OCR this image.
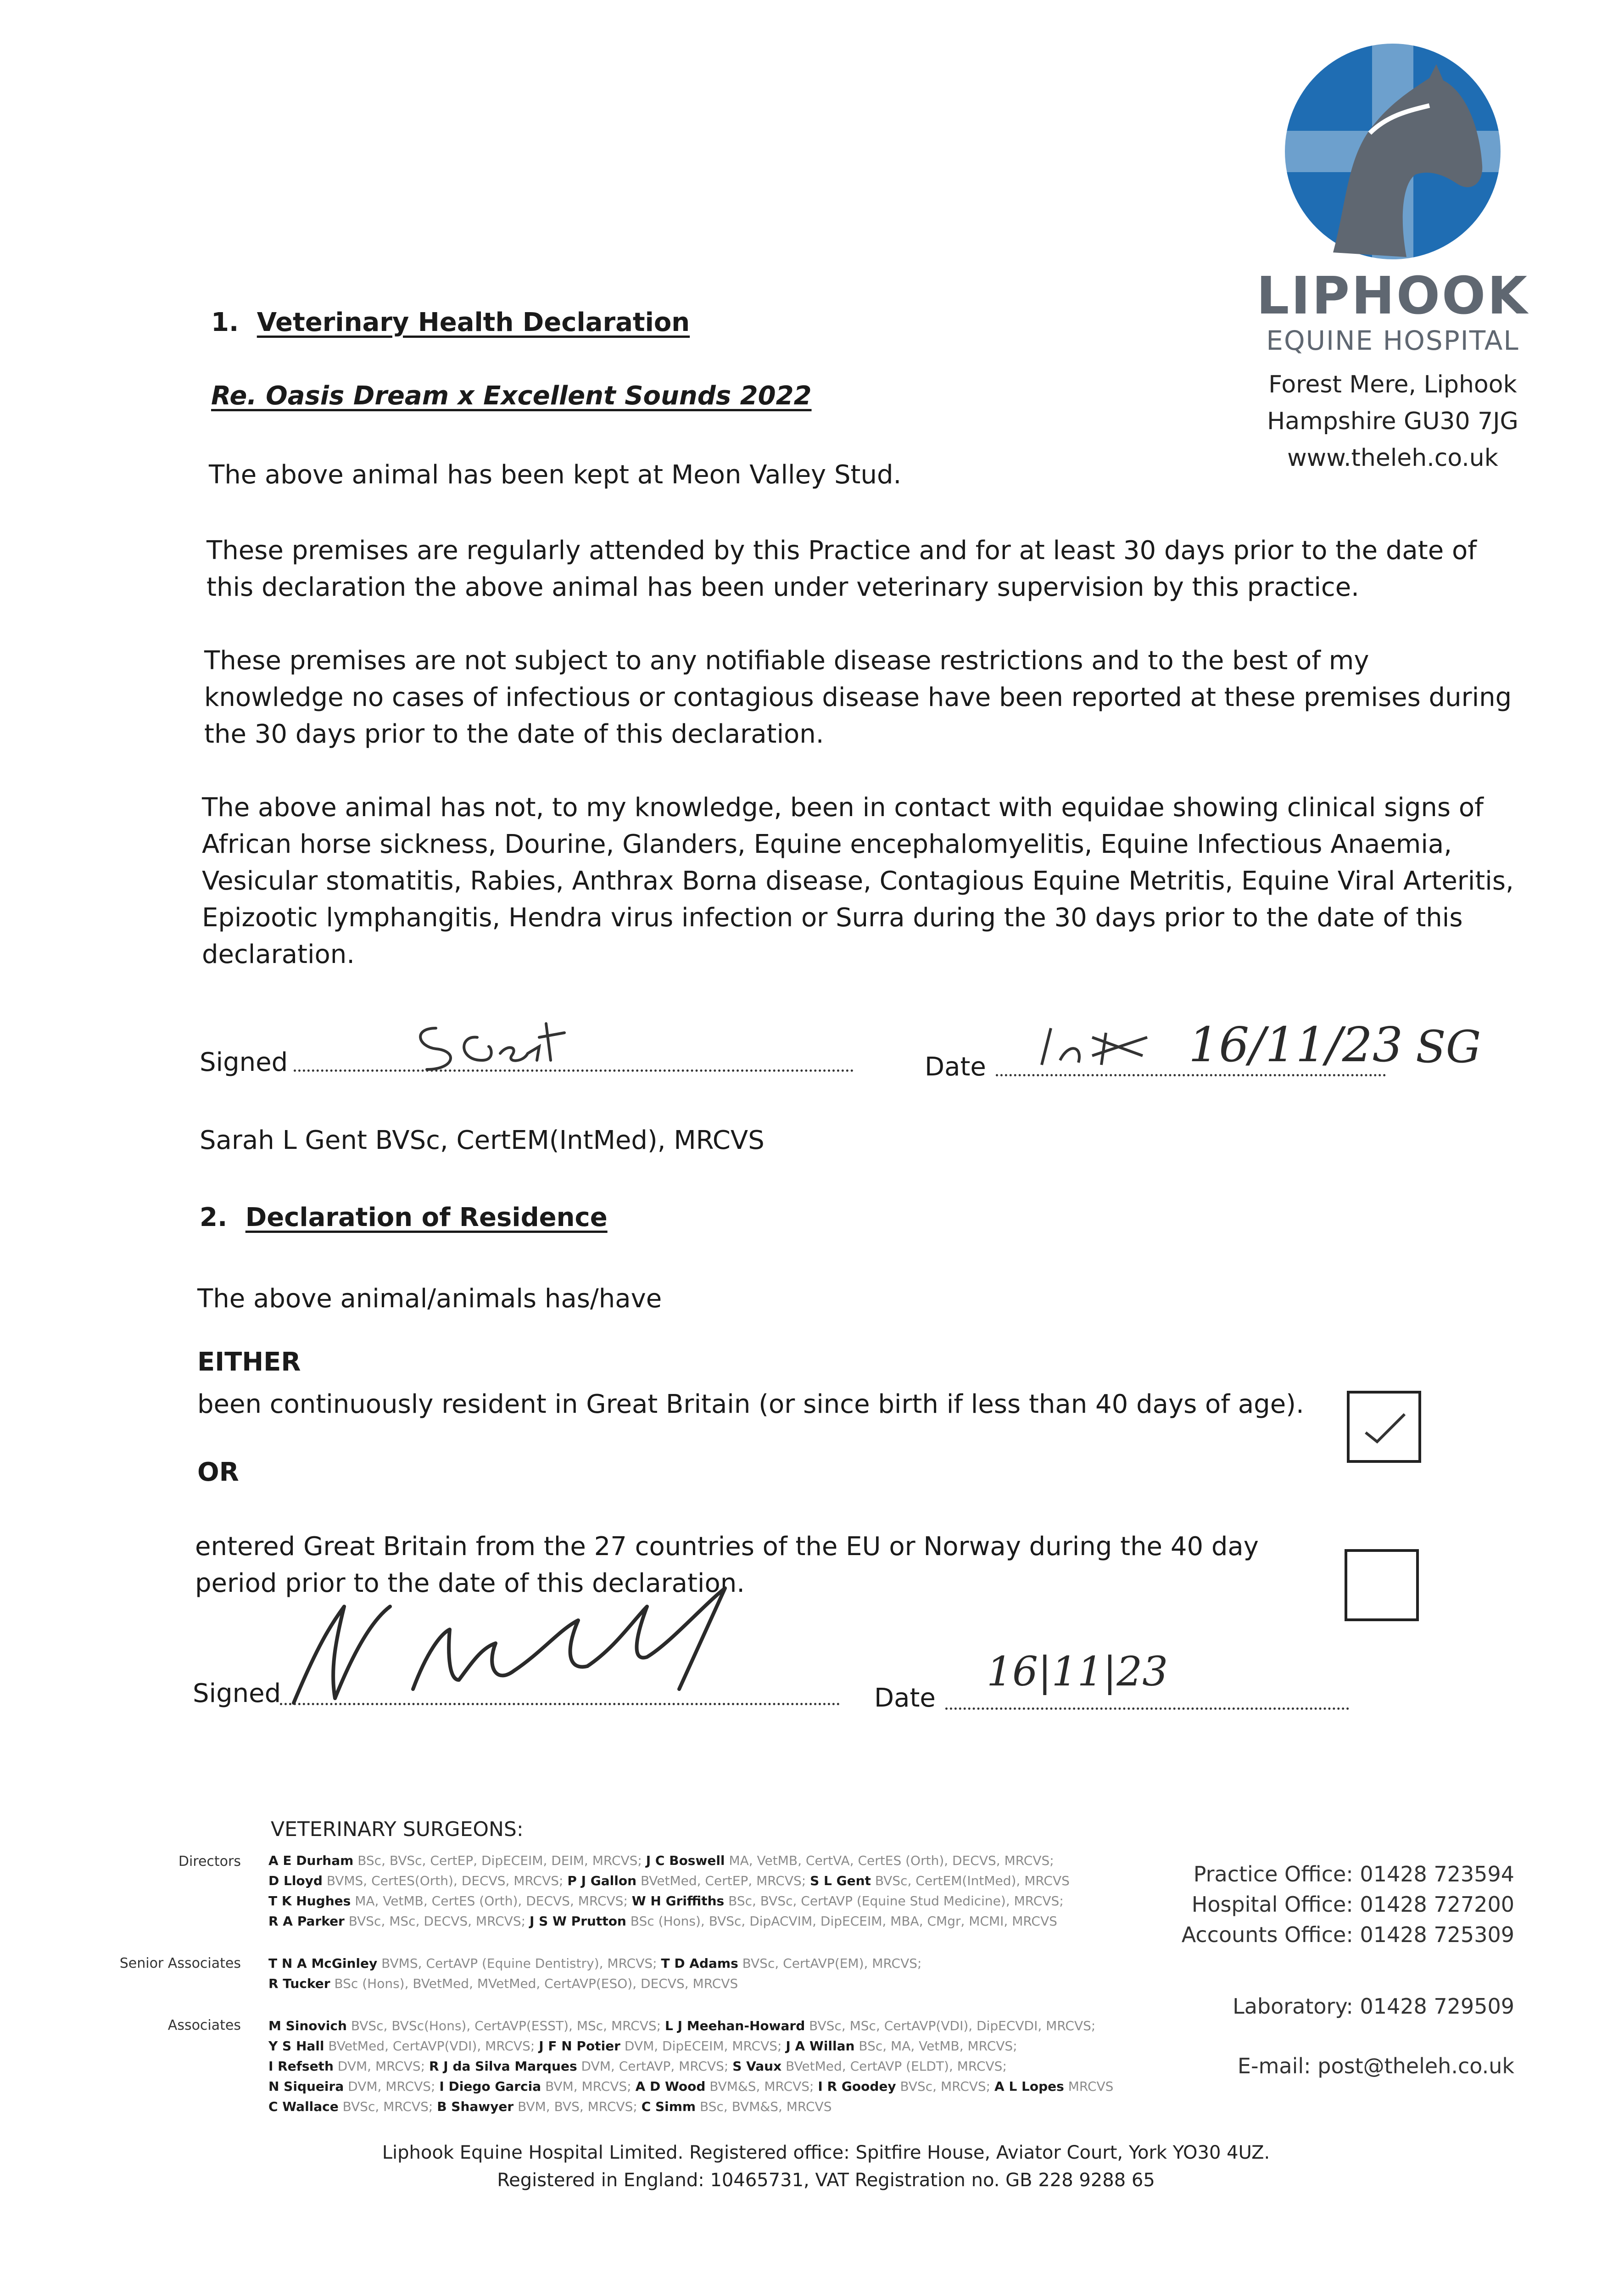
LIPHOOK
EQUINE HOSPITAL
Forest Mere, Liphook
Hampshire GU30 7JG
www.theleh.co.uk
1. Veterinary Health Declaration
Re. Oasis Dream x Excellent Sounds 2022

The above animal has been kept at Meon Valley Stud.

These premises are regularly attended by this Practice and for at least 30 days prior to the date of this declaration the above animal has been under veterinary supervision by this practice.

These premises are not subject to any notifiable disease restrictions and to the best of my knowledge no cases of infectious or contagious disease have been reported at these premises during the 30 days prior to the date of this declaration.

The above animal has not, to my knowledge, been in contact with equidae showing clinical signs of African horse sickness, Dourine, Glanders, Equine encephalomyelitis, Equine Infectious Anaemia, Vesicular stomatitis, Rabies, Anthrax Borna disease, Contagious Equine Metritis, Equine Viral Arteritis, Epizootic lymphangitis, Hendra virus infection or Surra during the 30 days prior to the date of this declaration.

Signed	Date	16/11/23 SG
Sarah L Gent BVSc, CertEM(IntMed), MRCVS
2. Declaration of Residence
The above animal/animals has/have
EITHER
been continuously resident in Great Britain (or since birth if less than 40 days of age).
OR

entered Great Britain from the 27 countries of the EU or Norway during the 40 day period prior to the date of this declaration.

Signed	Date
16|11|23
VETERINARY SURGEONS:
Directors A E Durham BSc, BVSc, CertEP, DipECEIM, DEIM, MRCVS; J C Boswell MA, VetMB, CertVA, CertES (Orth), DECVS, MRCVS;
D Lloyd BVMS, CertES(Orth), DECVS, MRCVS; P J Gallon BVetMed, CertEP, MRCVS; S L Gent BVSc, CertEM(IntMed), MRCVS
T K Hughes MA, VetMB, CertES (Orth), DECVS, MRCVS; W H Griffiths BSc, BVSc, CertAVP (Equine Stud Medicine), MRCVS;
R A Parker BVSc, MSc, DECVS, MRCVS; J S W Prutton BSc (Hons), BVSc, DipACVIM, DipECEIM, MBA, CMgr, MCMI, MRCVS
Senior Associates T N A McGinley BVMS, CertAVP (Equine Dentistry), MRCVS; T D Adams BVSc, CertAVP(EM), MRCVS;
R Tucker BSc (Hons), BVetMed, MVetMed, CertAVP(ESO), DECVS, MRCVS
Associates M Sinovich BVSc, BVSc(Hons), CertAVP(ESST), MSc, MRCVS; L J Meehan-Howard BVSc, MSc, CertAVP(VDI), DipECVDI, MRCVS;
Y S Hall BVetMed, CertAVP(VDI), MRCVS; J F N Potier DVM, DipECEIM, MRCVS; J A Willan BSc, MA, VetMB, MRCVS;
I Refseth DVM, MRCVS; R J da Silva Marques DVM, CertAVP, MRCVS; S Vaux BVetMed, CertAVP (ELDT), MRCVS;
N Siqueira DVM, MRCVS; I Diego Garcia BVM, MRCVS; A D Wood BVM&S, MRCVS; I R Goodey BVSc, MRCVS; A L Lopes MRCVS
C Wallace BVSc, MRCVS; B Shawyer BVM, BVS, MRCVS; C Simm BSc, BVM&S, MRCVS
Practice Office: 01428 723594
Hospital Office: 01428 727200
Accounts Office: 01428 725309
Laboratory: 01428 729509
E-mail: post@theleh.co.uk
Liphook Equine Hospital Limited. Registered office: Spitfire House, Aviator Court, York YO30 4UZ.
Registered in England: 10465731, VAT Registration no. GB 228 9288 65
